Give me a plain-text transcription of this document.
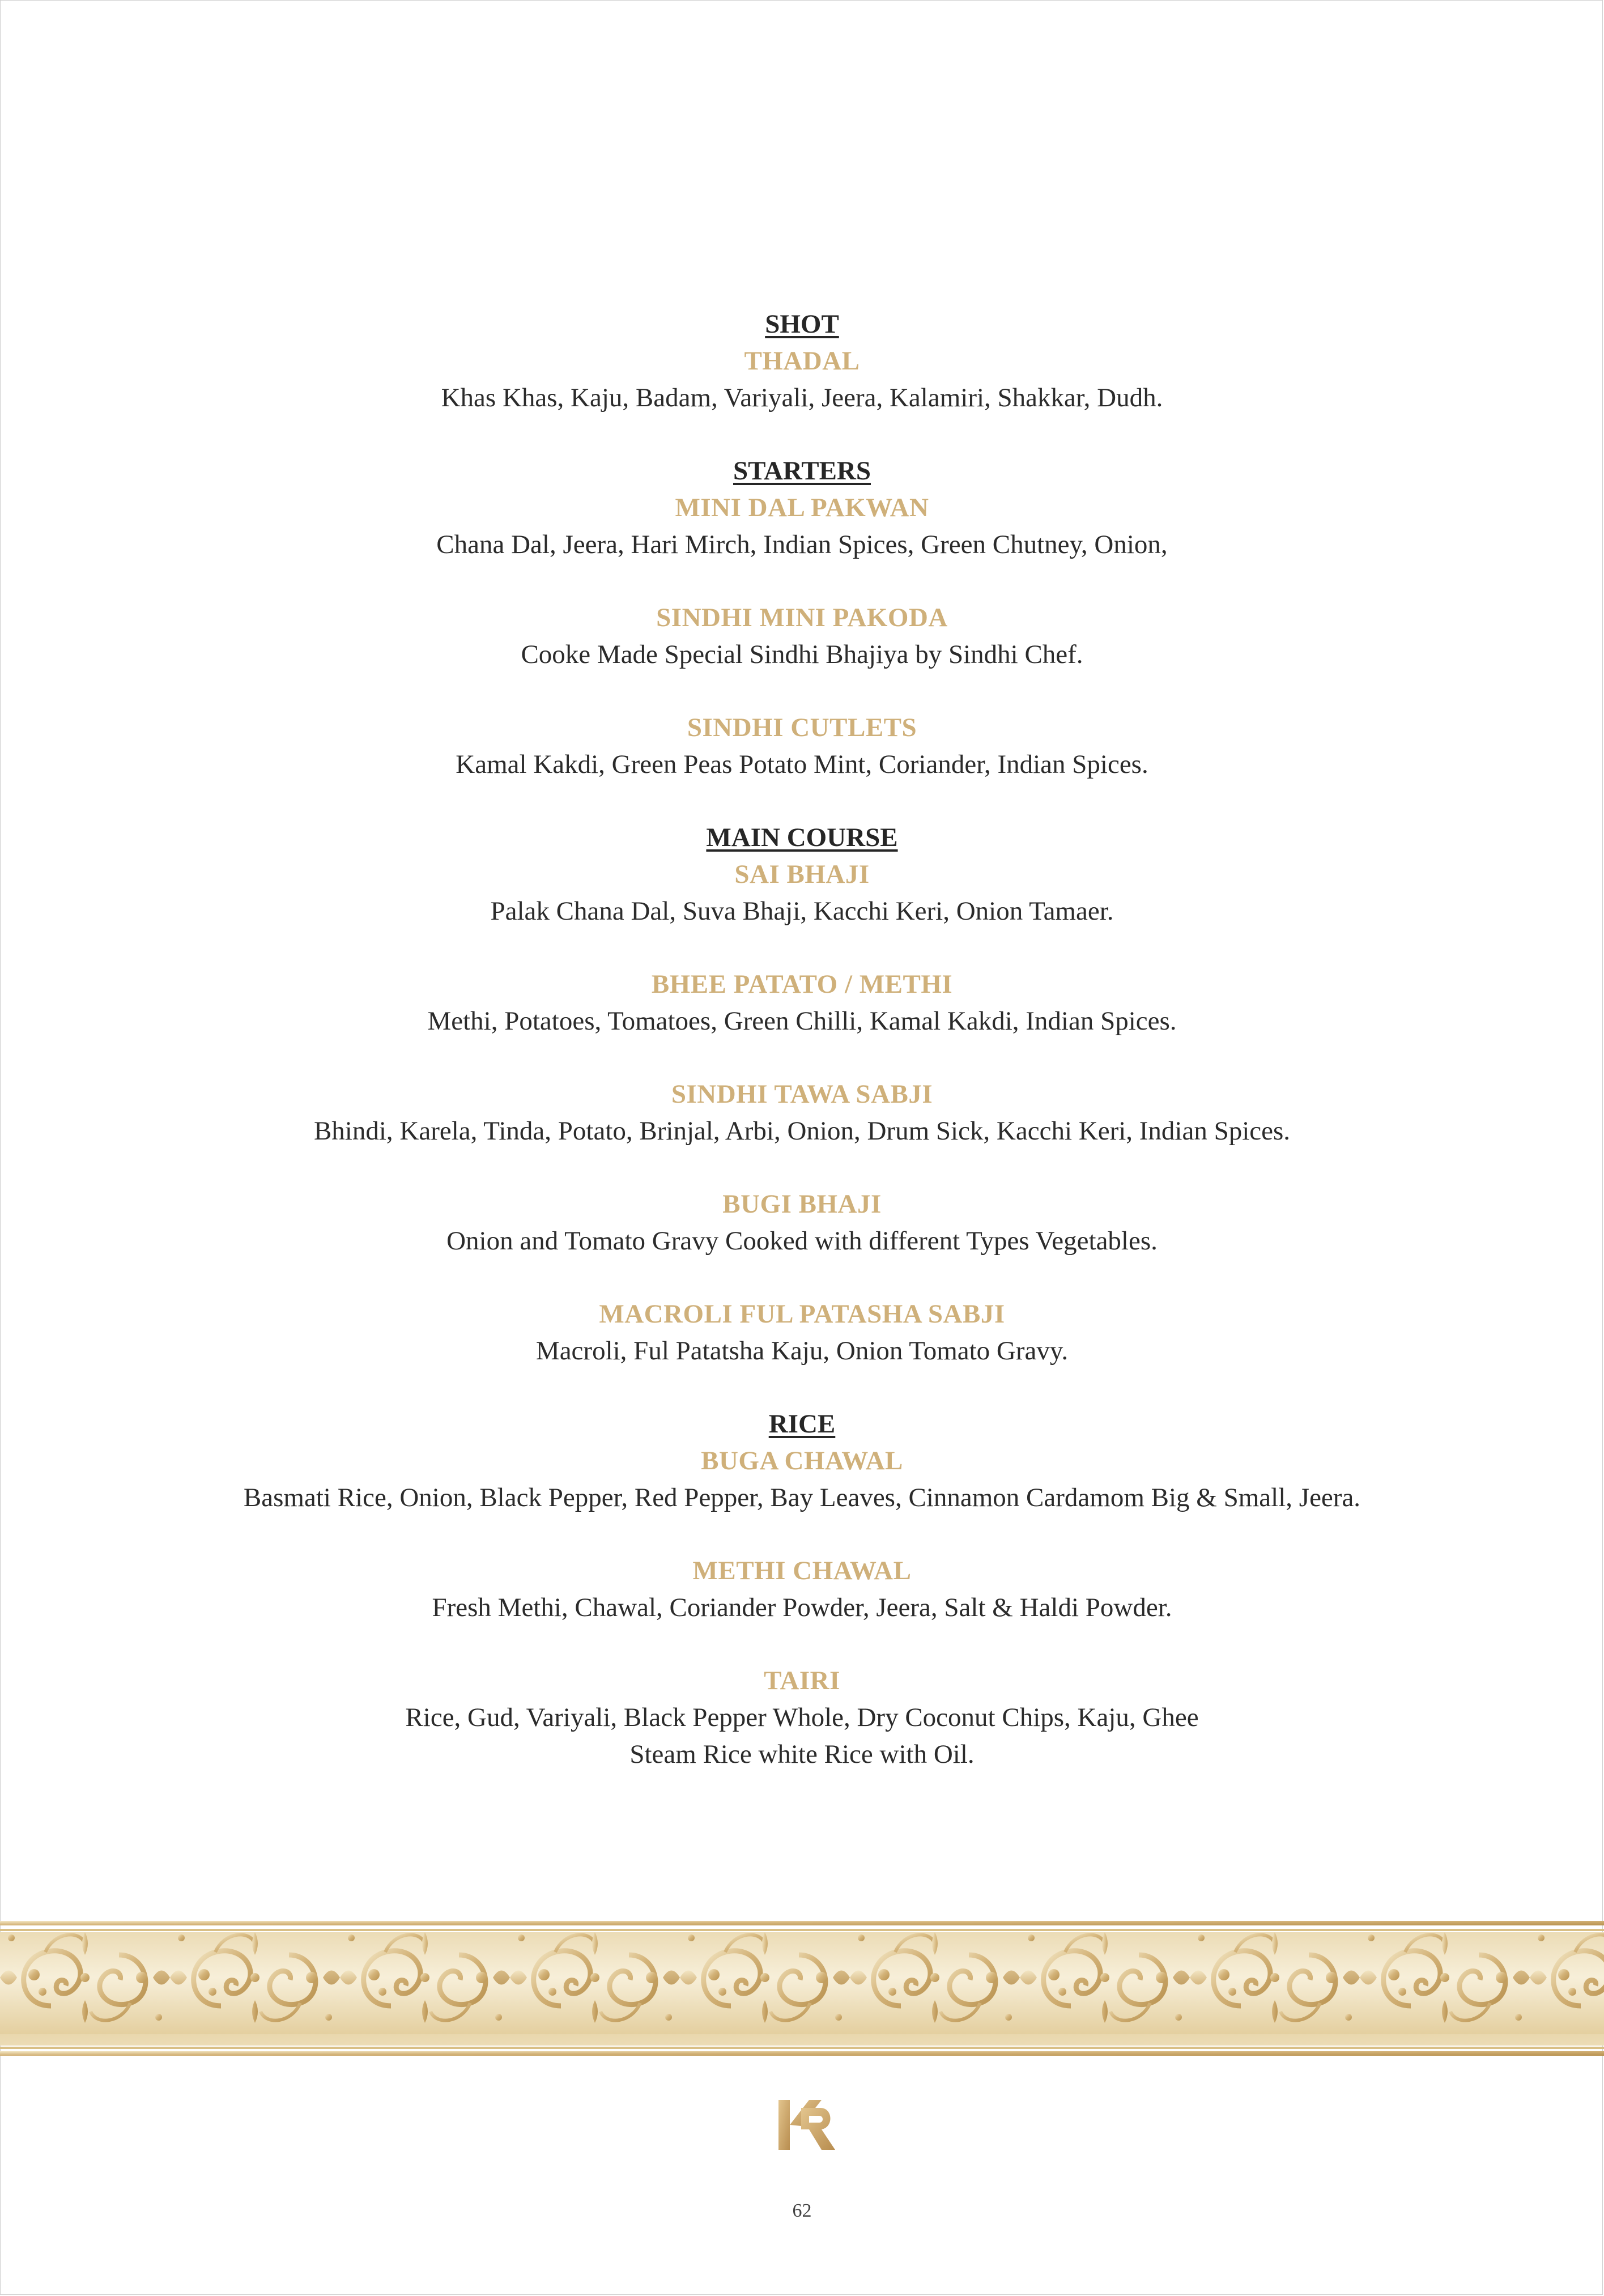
SHOT
THADAL
Khas Khas, Kaju, Badam, Variyali, Jeera, Kalamiri, Shakkar, Dudh.
STARTERS
MINI DAL PAKWAN
Chana Dal, Jeera, Hari Mirch, Indian Spices, Green Chutney, Onion,
SINDHI MINI PAKODA
Cooke Made Special Sindhi Bhajiya by Sindhi Chef.
SINDHI CUTLETS
Kamal Kakdi, Green Peas Potato Mint, Coriander, Indian Spices.
MAIN COURSE
SAI BHAJI
Palak Chana Dal, Suva Bhaji, Kacchi Keri, Onion Tamaer.
BHEE PATATO / METHI
Methi, Potatoes, Tomatoes, Green Chilli, Kamal Kakdi, Indian Spices.
SINDHI TAWA SABJI
Bhindi, Karela, Tinda, Potato, Brinjal, Arbi, Onion, Drum Sick, Kacchi Keri, Indian Spices.
BUGI BHAJI
Onion and Tomato Gravy Cooked with different Types Vegetables.
MACROLI FUL PATASHA SABJI
Macroli, Ful Patatsha Kaju, Onion Tomato Gravy.
RICE
BUGA CHAWAL
Basmati Rice, Onion, Black Pepper, Red Pepper, Bay Leaves, Cinnamon Cardamom Big & Small, Jeera.
METHI CHAWAL
Fresh Methi, Chawal, Coriander Powder, Jeera, Salt & Haldi Powder.
TAIRI
Rice, Gud, Variyali, Black Pepper Whole, Dry Coconut Chips, Kaju, Ghee
Steam Rice white Rice with Oil.
62
